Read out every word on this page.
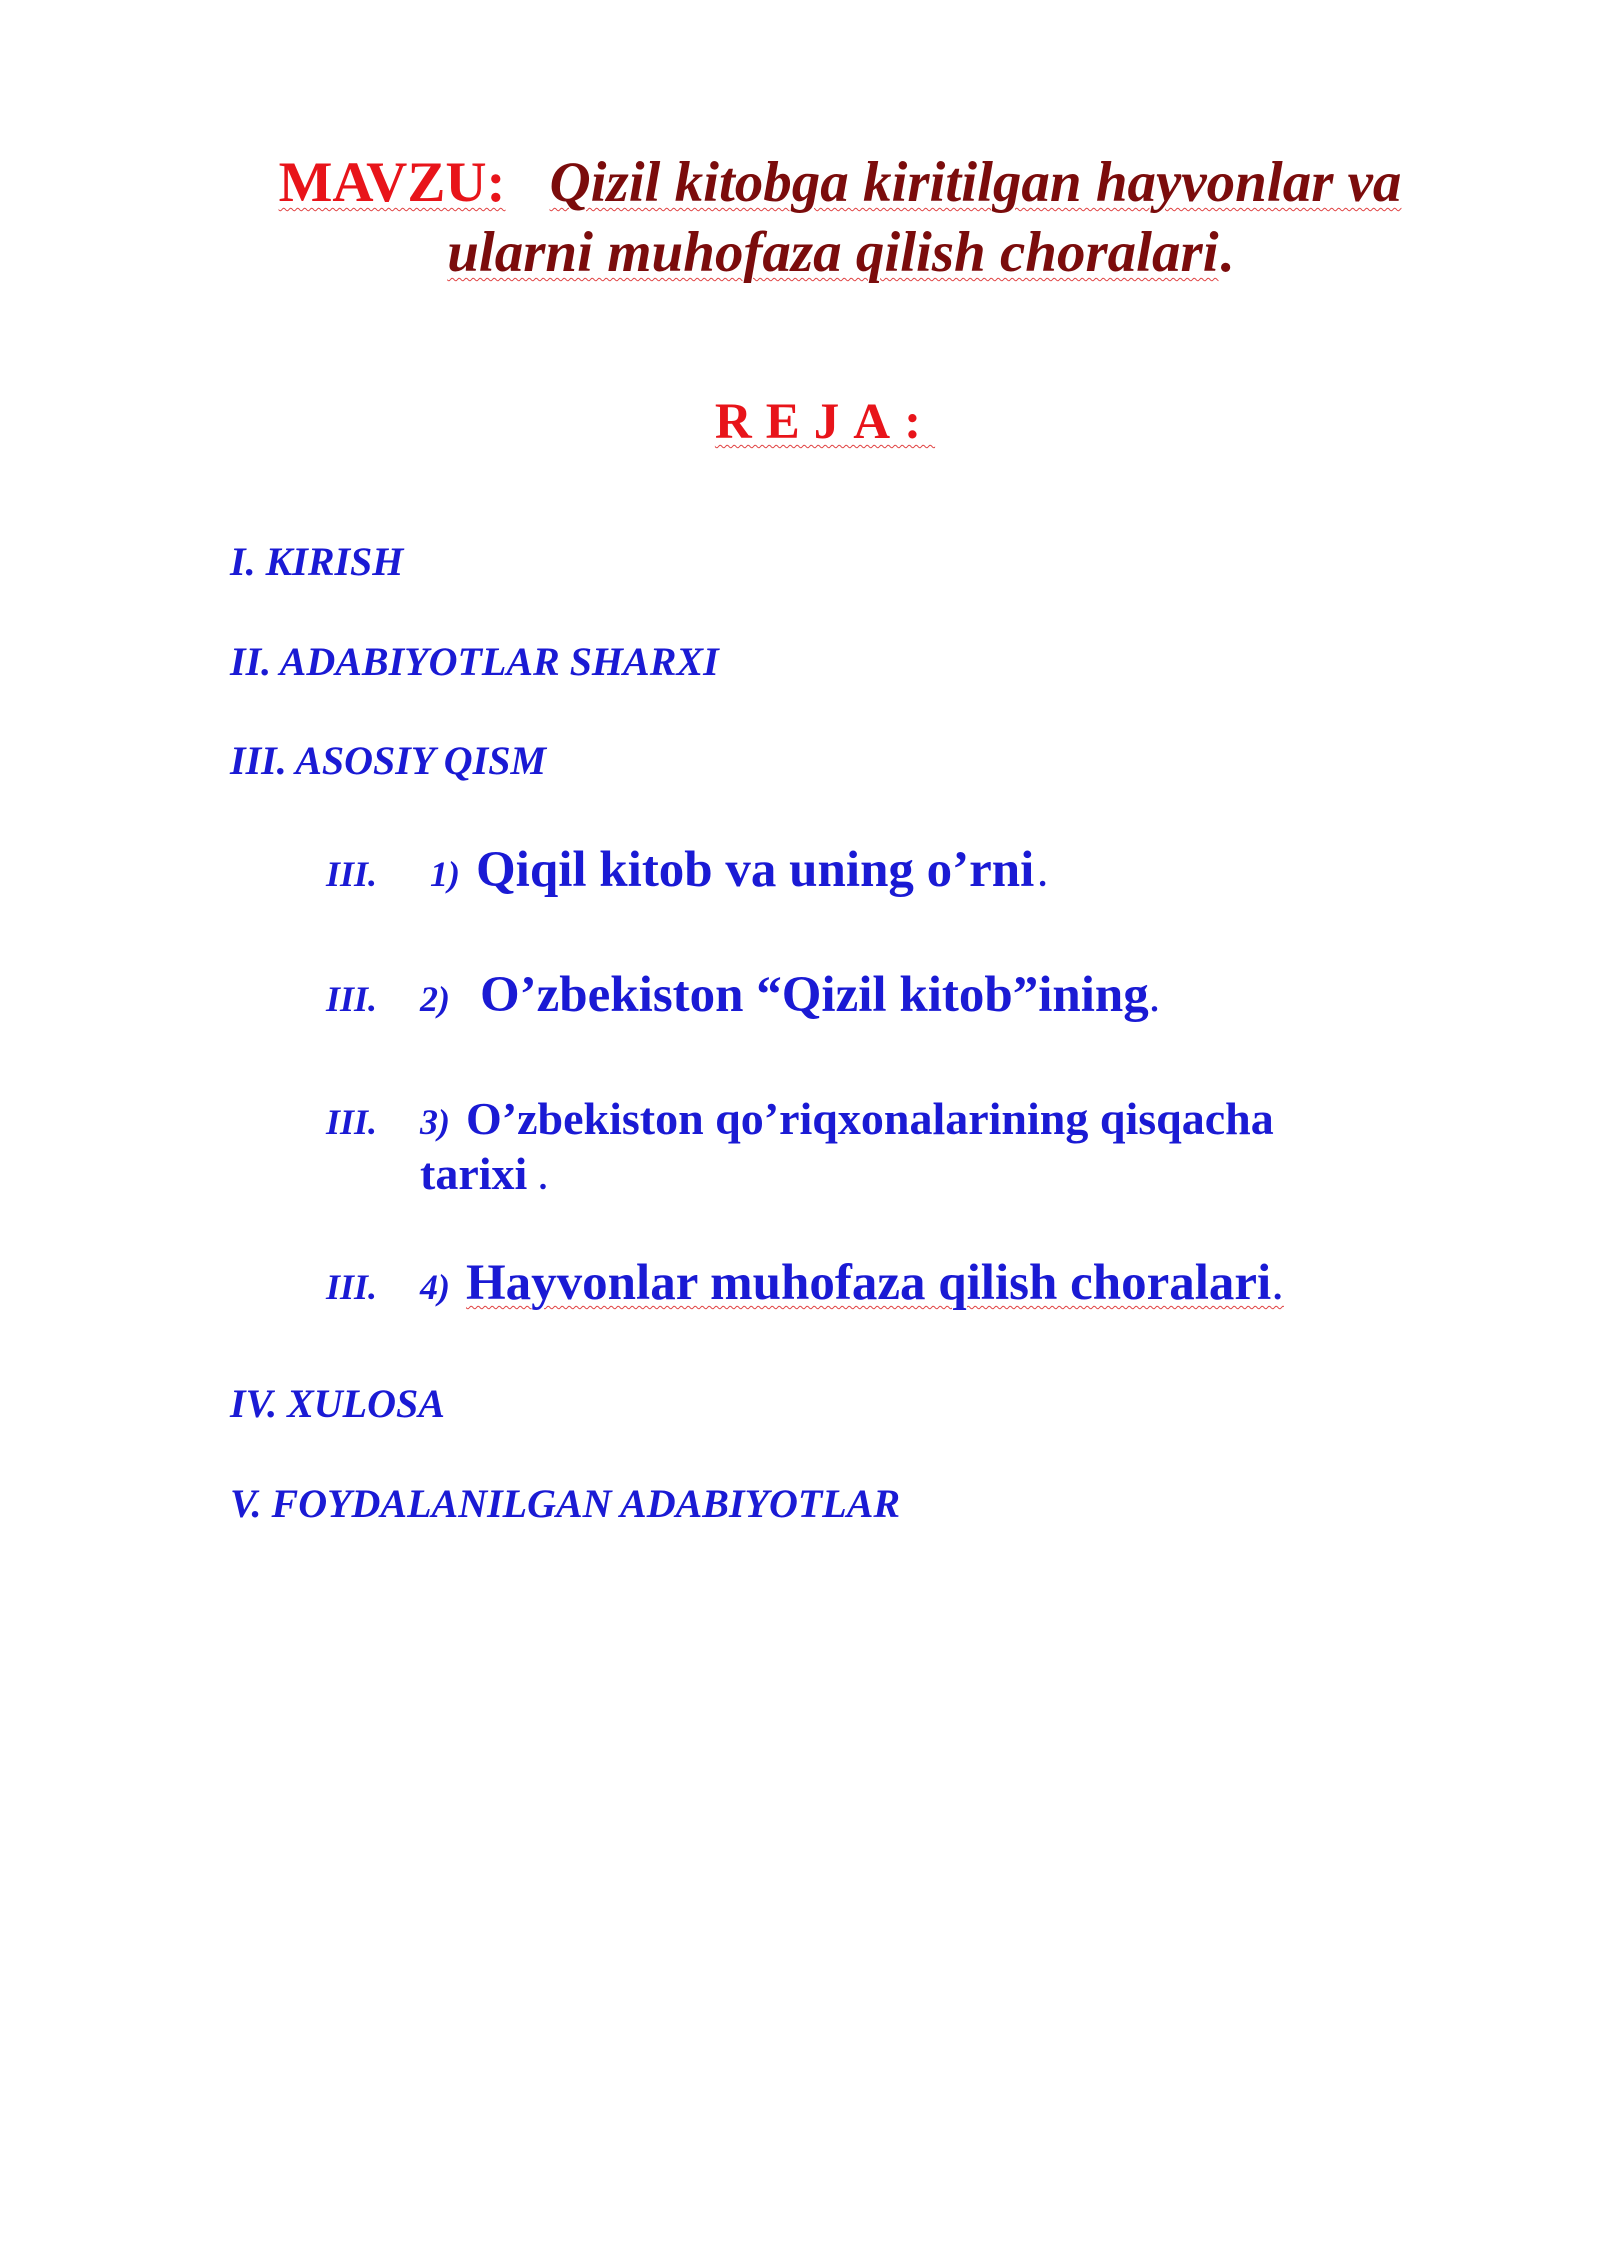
MAVZU: Qizil kitobga kiritilgan hayvonlar va
ularni muhofaza qilish choralari.
REJA:
I. KIRISH
II. ADABIYOTLAR SHARXI
III. ASOSIY QISM
III. 1) Qiqil kitob va uning o’rni .
III. 2) O’zbekiston “Qizil kitob”ining.
III. 3) O’zbekiston qo’riqxonalarining qisqacha
tarixi .
III. 4) Hayvonlar muhofaza qilish choralari.
IV. XULOSA
V. FOYDALANILGAN ADABIYOTLAR
